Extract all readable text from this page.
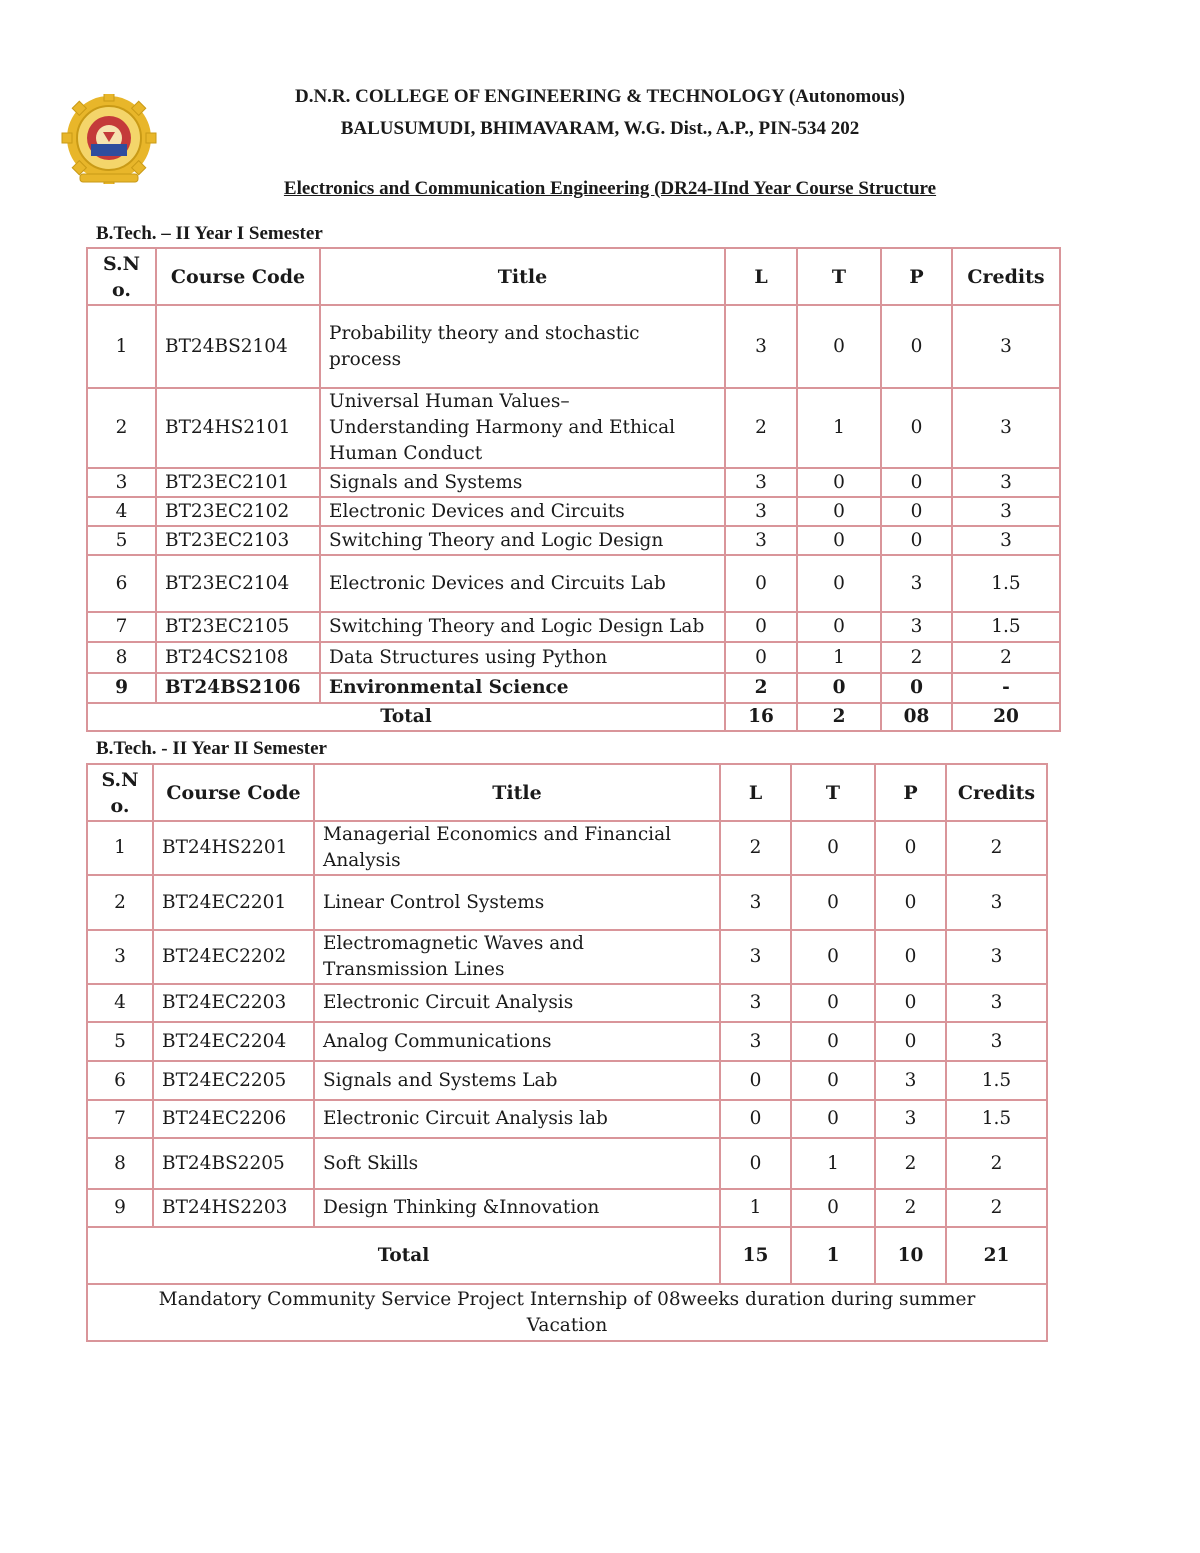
D.N.R. COLLEGE OF ENGINEERING & TECHNOLOGY (Autonomous)
BALUSUMUDI, BHIMAVARAM, W.G. Dist., A.P., PIN-534 202
Electronics and Communication Engineering (DR24-IInd Year Course Structure
B.Tech. – II Year I Semester
S.N o.	Course Code	Title	L	T	P	Credits
1	BT24BS2104	Probability theory and stochastic process	3	0	0	3
2	BT24HS2101	Universal Human Values– Understanding Harmony and Ethical Human Conduct	2	1	0	3
3	BT23EC2101	Signals and Systems	3	0	0	3
4	BT23EC2102	Electronic Devices and Circuits	3	0	0	3
5	BT23EC2103	Switching Theory and Logic Design	3	0	0	3
6	BT23EC2104	Electronic Devices and Circuits Lab	0	0	3	1.5
7	BT23EC2105	Switching Theory and Logic Design Lab	0	0	3	1.5
8	BT24CS2108	Data Structures using Python	0	1	2	2
9	BT24BS2106	Environmental Science	2	0	0	-
Total			16	2	08	20
B.Tech. - II Year II Semester
S.N o.	Course Code	Title	L	T	P	Credits
1	BT24HS2201	Managerial Economics and Financial Analysis	2	0	0	2
2	BT24EC2201	Linear Control Systems	3	0	0	3
3	BT24EC2202	Electromagnetic Waves and Transmission Lines	3	0	0	3
4	BT24EC2203	Electronic Circuit Analysis	3	0	0	3
5	BT24EC2204	Analog Communications	3	0	0	3
6	BT24EC2205	Signals and Systems Lab	0	0	3	1.5
7	BT24EC2206	Electronic Circuit Analysis lab	0	0	3	1.5
8	BT24BS2205	Soft Skills	0	1	2	2
9	BT24HS2203	Design Thinking &Innovation	1	0	2	2
Total			15	1	10	21
Mandatory Community Service Project Internship of 08weeks duration during summer Vacation						
